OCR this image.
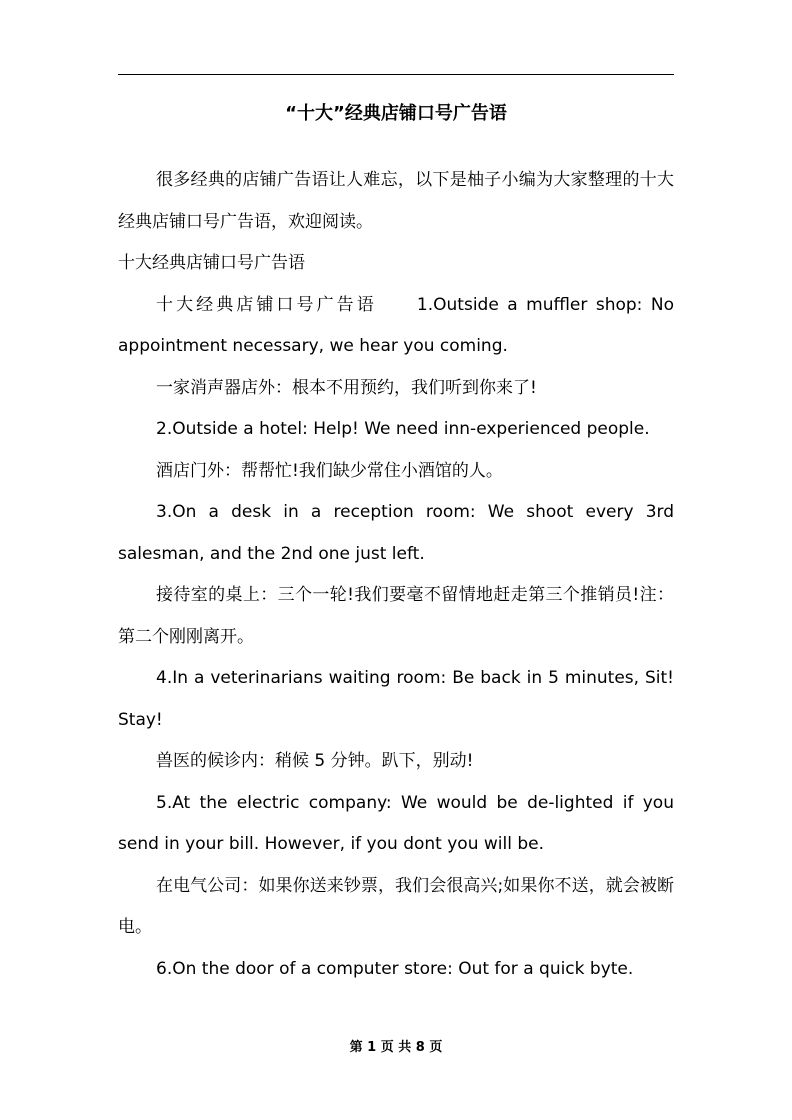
“十大”经典店铺口号广告语

很多经典的店铺广告语让人难忘，以下是柚子小编为大家整理的十大经典店铺口号广告语，欢迎阅读。

十大经典店铺口号广告语

十大经典店铺口号广告语　　1.Outside a muffler shop: No appointment necessary, we hear you coming.

一家消声器店外：根本不用预约，我们听到你来了!

2.Outside a hotel: Help! We need inn-experienced people.

酒店门外：帮帮忙!我们缺少常住小酒馆的人。

3.On a desk in a reception room: We shoot every 3rd salesman, and the 2nd one just left.

接待室的桌上：三个一轮!我们要毫不留情地赶走第三个推销员!注：第二个刚刚离开。

4.In a veterinarians waiting room: Be back in 5 minutes, Sit! Stay!

兽医的候诊内：稍候 5 分钟。趴下，别动!

5.At the electric company: We would be de-lighted if you send in your bill. However, if you dont you will be.

在电气公司：如果你送来钞票，我们会很高兴;如果你不送，就会被断电。

6.On the door of a computer store: Out for a quick byte.

第 1 页 共 8 页
